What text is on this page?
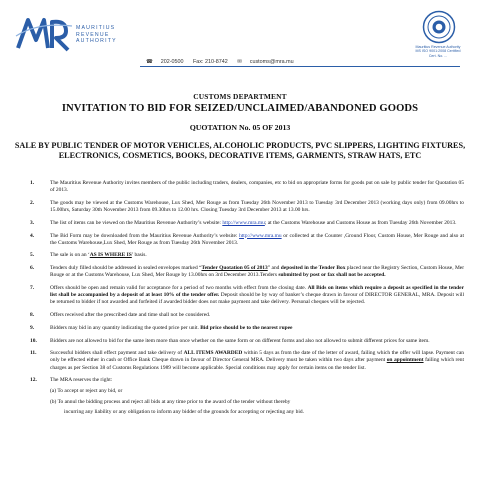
MAURITIUS
REVENUE
AUTHORITY
☎ 202-0500 Fax: 210-8742 ✉ customs@mra.mu
Mauritius Revenue Authority
MS ISO 9001:2008 Certified
Cert. No. ...
CUSTOMS DEPARTMENT
INVITATION TO BID FOR SEIZED/UNCLAIMED/ABANDONED GOODS
QUOTATION No. 05 OF 2013
SALE BY PUBLIC TENDER OF MOTOR VEHICLES, ALCOHOLIC PRODUCTS, PVC SLIPPERS, LIGHTING FIXTURES, ELECTRONICS, COSMETICS, BOOKS, DECORATIVE ITEMS, GARMENTS, STRAW HATS, ETC
1.	The Mauritius Revenue Authority invites members of the public including traders, dealers, companies, etc to bid on appropriate forms for goods put on sale by public tender for Quotation 05 of 2013.
2.	The goods may be viewed at the Customs Warehouse, Lux Shed, Mer Rouge as from Tuesday 26th November 2013 to Tuesday 3rd December 2013 (working days only) from 09.00hrs to 15.00hrs, Saturday 30th November 2013 from 09.30hrs to 12.00 hrs. Closing Tuesday 3rd December 2013 at 13.00 hrs.
3.	The list of items can be viewed on the Mauritius Revenue Authority’s website: http://www.mra.mu; at the Customs Warehouse and Customs House as from Tuesday 26th November 2013.
4.	The Bid Form may be downloaded from the Mauritius Revenue Authority’s website: http://www.mra.mu or collected at the Counter ,Ground Floor, Custom House, Mer Rouge and also at the Customs Warehouse,Lux Shed, Mer Rouge as from Tuesday 26th November 2013.
5.	The sale is on an ‘AS IS WHERE IS’ basis.
6.	Tenders duly filled should be addressed in sealed envelopes marked “Tender Quotation 05 of 2013” and deposited in the Tender Box placed near the Registry Section, Custom House, Mer Rouge or at the Customs Warehouse, Lux Shed, Mer Rouge by 13.00hrs on 3rd December 2013.Tenders submitted by post or fax shall not be accepted.
7.	Offers should be open and remain valid for acceptance for a period of two months with effect from the closing date. All Bids on items which require a deposit as specified in the tender list shall be accompanied by a deposit of at least 10% of the tender offer. Deposit should be by way of banker’s cheque drawn in favour of DIRECTOR GENERAL, MRA. Deposit will be returned to bidder if not awarded and forfeited if awarded bidder does not make payment and take delivery. Personal cheques will be rejected.
8.	Offers received after the prescribed date and time shall not be considered.
9.	Bidders may bid in any quantity indicating the quoted price per unit. Bid price should be to the nearest rupee
10. Bidders are not allowed to bid for the same item more than once whether on the same form or on different forms and also not allowed to submit different prices for same item.
11. Successful bidders shall effect payment and take delivery of ALL ITEMS AWARDED within 5 days as from the date of the letter of award, failing which the offer will lapse. Payment can only be effected either in cash or Office Bank Cheque drawn in favour of Director General MRA. Delivery must be taken within two days after payment on appointment failing which rent charges as per Section 38 of Customs Regulations 1989 will become applicable. Special conditions may apply for certain items on the tender list.
12. The MRA reserves the right:
(a) To accept or reject any bid, or
(b) To annul the bidding process and reject all bids at any time prior to the award of the tender without thereby
incurring any liability or any obligation to inform any bidder of the grounds for accepting or rejecting any bid.
